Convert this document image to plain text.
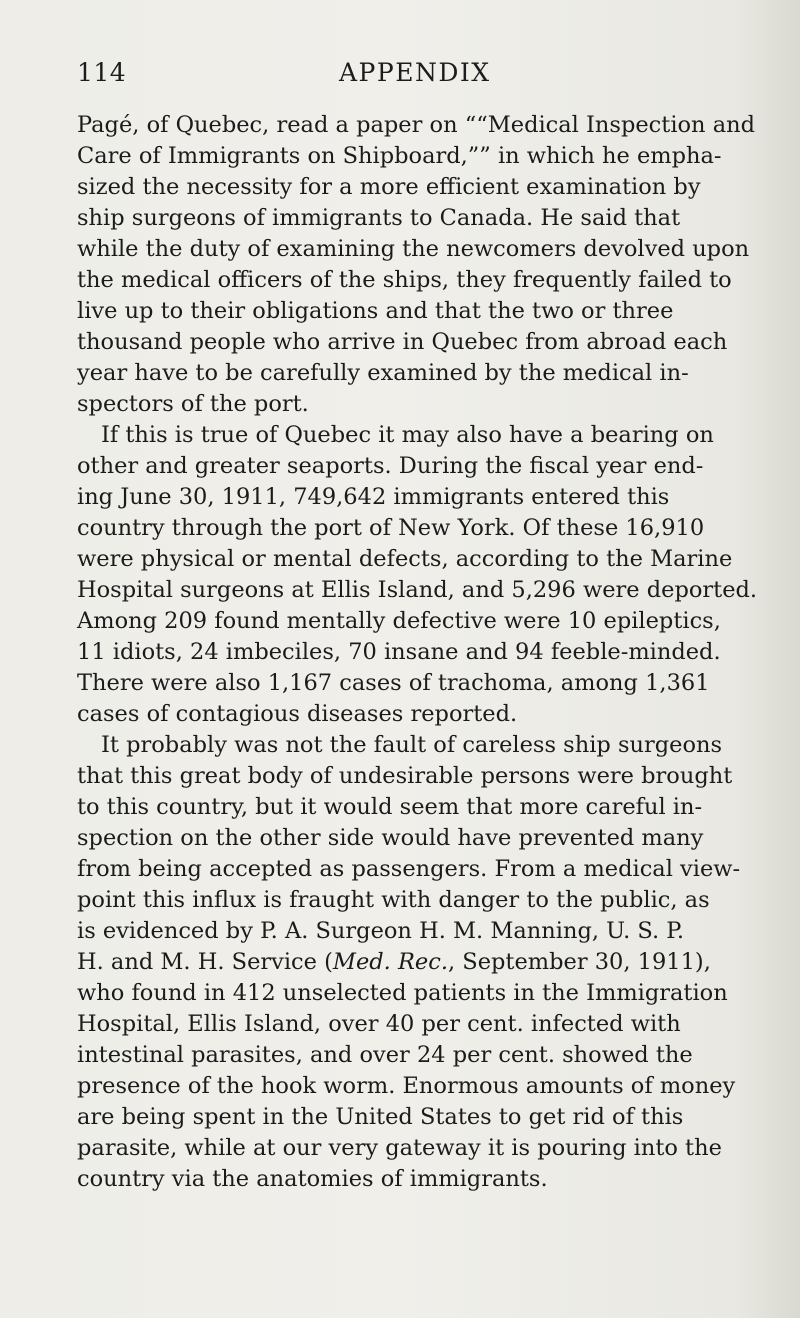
114	APPENDIX
Pagé, of Quebec, read a paper on ““Medical Inspection and
Care of Immigrants on Shipboard,”” in which he empha-
sized the necessity for a more efficient examination by
ship surgeons of immigrants to Canada. He said that
while the duty of examining the newcomers devolved upon
the medical officers of the ships, they frequently failed to
live up to their obligations and that the two or three
thousand people who arrive in Quebec from abroad each
year have to be carefully examined by the medical in-
spectors of the port.
If this is true of Quebec it may also have a bearing on
other and greater seaports. During the fiscal year end-
ing June 30, 1911, 749,642 immigrants entered this
country through the port of New York. Of these 16,910
were physical or mental defects, according to the Marine
Hospital surgeons at Ellis Island, and 5,296 were deported.
Among 209 found mentally defective were 10 epileptics,
11 idiots, 24 imbeciles, 70 insane and 94 feeble-minded.
There were also 1,167 cases of trachoma, among 1,361
cases of contagious diseases reported.
It probably was not the fault of careless ship surgeons
that this great body of undesirable persons were brought
to this country, but it would seem that more careful in-
spection on the other side would have prevented many
from being accepted as passengers. From a medical view-
point this influx is fraught with danger to the public, as
is evidenced by P. A. Surgeon H. M. Manning, U. S. P.
H. and M. H. Service (Med. Rec., September 30, 1911),
who found in 412 unselected patients in the Immigration
Hospital, Ellis Island, over 40 per cent. infected with
intestinal parasites, and over 24 per cent. showed the
presence of the hook worm. Enormous amounts of money
are being spent in the United States to get rid of this
parasite, while at our very gateway it is pouring into the
country via the anatomies of immigrants.
